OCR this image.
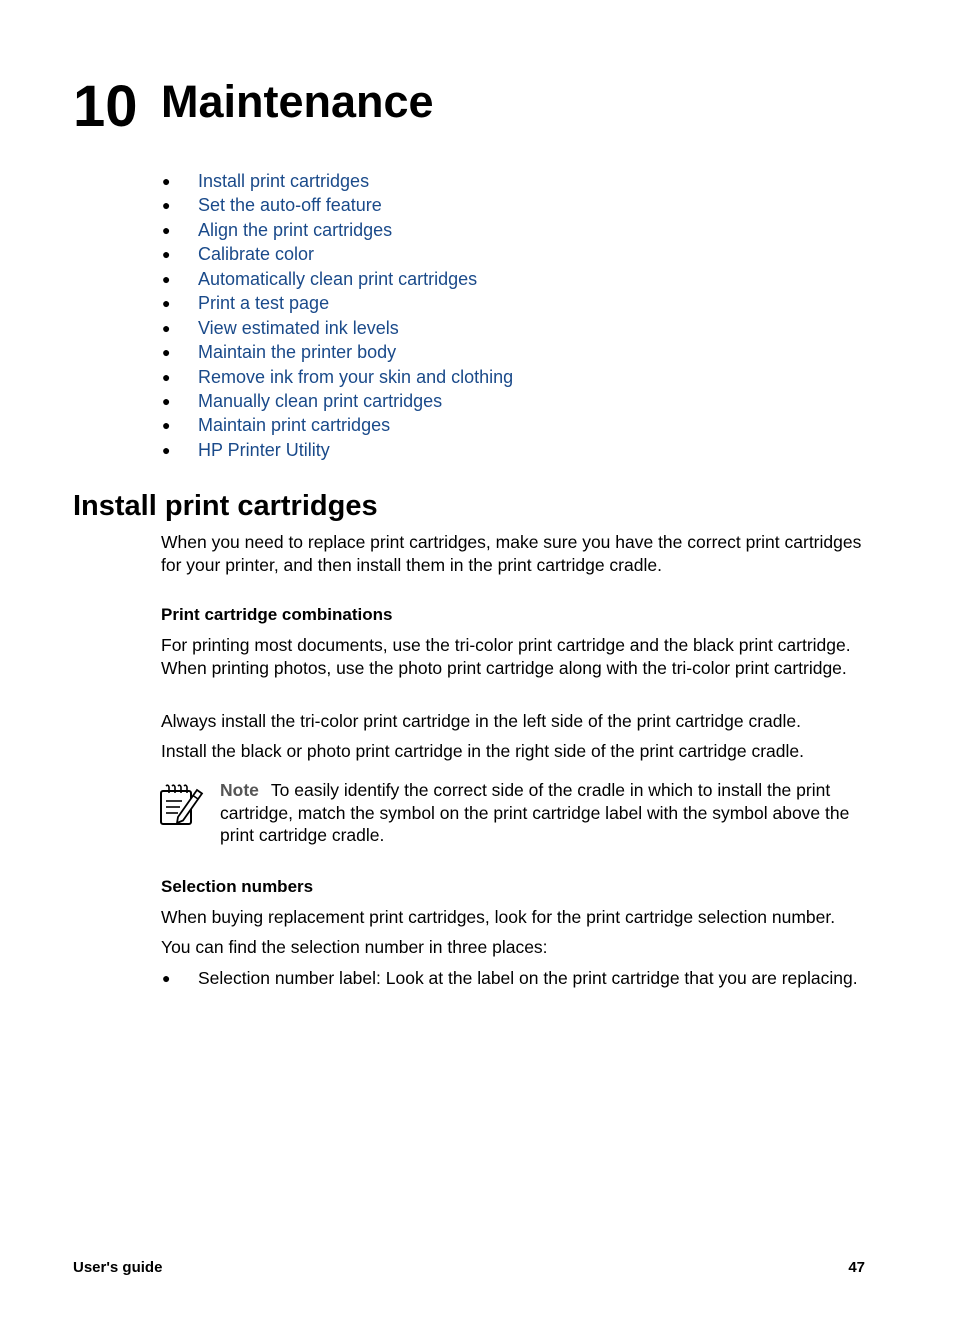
10 Maintenance
● Install print cartridges
● Set the auto-off feature
● Align the print cartridges
● Calibrate color
● Automatically clean print cartridges
● Print a test page
● View estimated ink levels
● Maintain the printer body
● Remove ink from your skin and clothing
● Manually clean print cartridges
● Maintain print cartridges
● HP Printer Utility
Install print cartridges

When you need to replace print cartridges, make sure you have the correct print cartridges for your printer, and then install them in the print cartridge cradle.

Print cartridge combinations

For printing most documents, use the tri-color print cartridge and the black print cartridge. When printing photos, use the photo print cartridge along with the tri-color print cartridge.

Always install the tri-color print cartridge in the left side of the print cartridge cradle.

Install the black or photo print cartridge in the right side of the print cartridge cradle.

Note To easily identify the correct side of the cradle in which to install the print cartridge, match the symbol on the print cartridge label with the symbol above the print cartridge cradle.

Selection numbers

When buying replacement print cartridges, look for the print cartridge selection number.

You can find the selection number in three places:

● Selection number label: Look at the label on the print cartridge that you are replacing.
User's guide	47
